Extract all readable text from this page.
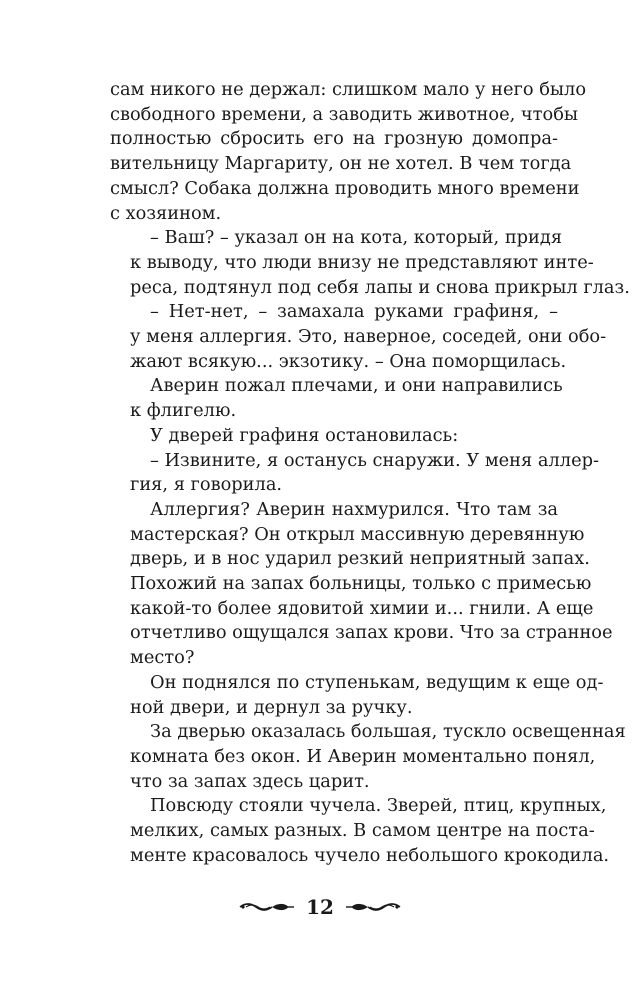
сам никого не держал: слишком мало у него было
свободного времени, а заводить животное, чтобы
полностью сбросить его на грозную домопра-
вительницу Маргариту, он не хотел. В чем тогда
смысл? Собака должна проводить много времени
с хозяином.
– Ваш? – указал он на кота, который, придя
к выводу, что люди внизу не представляют инте-
реса, подтянул под себя лапы и снова прикрыл глаз.
– Нет-нет, – замахала руками графиня, –
у меня аллергия. Это, наверное, соседей, они обо-
жают всякую... экзотику. – Она поморщилась.
Аверин пожал плечами, и они направились
к флигелю.
У дверей графиня остановилась:
– Извините, я останусь снаружи. У меня аллер-
гия, я говорила.
Аллергия? Аверин нахмурился. Что там за
мастерская? Он открыл массивную деревянную
дверь, и в нос ударил резкий неприятный запах.
Похожий на запах больницы, только с примесью
какой-то более ядовитой химии и... гнили. А еще
отчетливо ощущался запах крови. Что за странное
место?
Он поднялся по ступенькам, ведущим к еще од-
ной двери, и дернул за ручку.
За дверью оказалась большая, тускло освещенная
комната без окон. И Аверин моментально понял,
что за запах здесь царит.
Повсюду стояли чучела. Зверей, птиц, крупных,
мелких, самых разных. В самом центре на поста-
менте красовалось чучело небольшого крокодила.
12
